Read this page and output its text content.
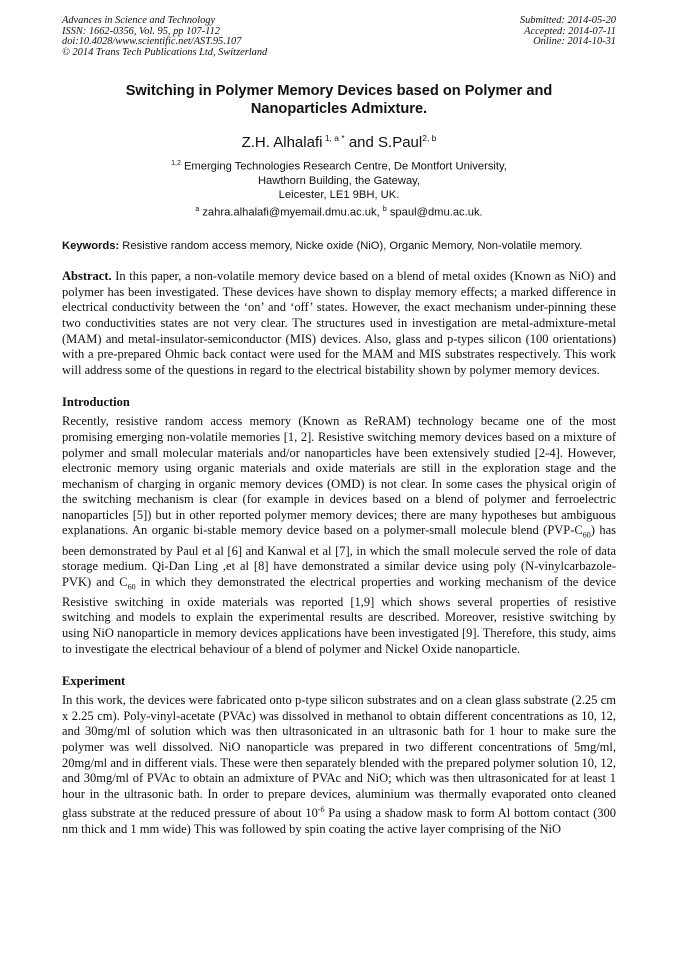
Advances in Science and Technology
ISSN: 1662-0356, Vol. 95, pp 107-112
doi:10.4028/www.scientific.net/AST.95.107
© 2014 Trans Tech Publications Ltd, Switzerland
Submitted: 2014-05-20
Accepted: 2014-07-11
Online: 2014-10-31
Switching in Polymer Memory Devices based on Polymer and
Nanoparticles Admixture.
Z.H. Alhalafi $^{1, a *}$ and S.Paul$^{2, b}$
$^{1,2}$ Emerging Technologies Research Centre, De Montfort University,
Hawthorn Building, the Gateway,
Leicester, LE1 9BH, UK.
$^a$ zahra.alhalafi@myemail.dmu.ac.uk, $^b$ spaul@dmu.ac.uk.
Keywords: Resistive random access memory, Nicke oxide (NiO), Organic Memory, Non-volatile memory.

Abstract. In this paper, a non-volatile memory device based on a blend of metal oxides (Known as NiO) and polymer has been investigated. These devices have shown to display memory effects; a marked difference in electrical conductivity between the ‘on’ and ‘off’ states. However, the exact mechanism under-pinning these two conductivities states are not very clear. The structures used in investigation are metal-admixture-metal (MAM) and metal-insulator-semiconductor (MIS) devices. Also, glass and p-types silicon (100 orientations) with a pre-prepared Ohmic back contact were used for the MAM and MIS substrates respectively. This work will address some of the questions in regard to the electrical bistability shown by polymer memory devices.

Introduction

Recently, resistive random access memory (Known as ReRAM) technology became one of the most promising emerging non-volatile memories [1, 2]. Resistive switching memory devices based on a mixture of polymer and small molecular materials and/or nanoparticles have been extensively studied [2-4]. However, electronic memory using organic materials and oxide materials are still in the exploration stage and the mechanism of charging in organic memory devices (OMD) is not clear. In some cases the physical origin of the switching mechanism is clear (for example in devices based on a blend of polymer and ferroelectric nanoparticles [5]) but in other reported polymer memory devices; there are many hypotheses but ambiguous explanations. An organic bi-stable memory device based on a polymer-small molecule blend $(PVP-C_{60})$ has been demonstrated by Paul et al [6] and Kanwal et al [7], in which the small molecule served the role of data storage medium. Qi-Dan Ling ,et al [8] have demonstrated a similar device using poly (N-vinylcarbazole-PVK) and $C_{60}$ in which they demonstrated the electrical properties and working mechanism of the device Resistive switching in oxide materials was reported [1,9] which shows several properties of resistive switching and models to explain the experimental results are described. Moreover, resistive switching by using NiO nanoparticle in memory devices applications have been investigated [9]. Therefore, this study, aims to investigate the electrical behaviour of a blend of polymer and Nickel Oxide nanoparticle.

Experiment

In this work, the devices were fabricated onto p-type silicon substrates and on a clean glass substrate (2.25 cm x 2.25 cm). Poly-vinyl-acetate (PVAc) was dissolved in methanol to obtain different concentrations as 10, 12, and 30mg/ml of solution which was then ultrasonicated in an ultrasonic bath for 1 hour to make sure the polymer was well dissolved. NiO nanoparticle was prepared in two different concentrations of 5mg/ml, 20mg/ml and in different vials. These were then separately blended with the prepared polymer solution 10, 12, and 30mg/ml of PVAc to obtain an admixture of PVAc and NiO; which was then ultrasonicated for at least 1 hour in the ultrasonic bath. In order to prepare devices, aluminium was thermally evaporated onto cleaned glass substrate at the reduced pressure of about $10^{-6}$ Pa using a shadow mask to form Al bottom contact (300 nm thick and 1 mm wide) This was followed by spin coating the active layer comprising of the NiO
